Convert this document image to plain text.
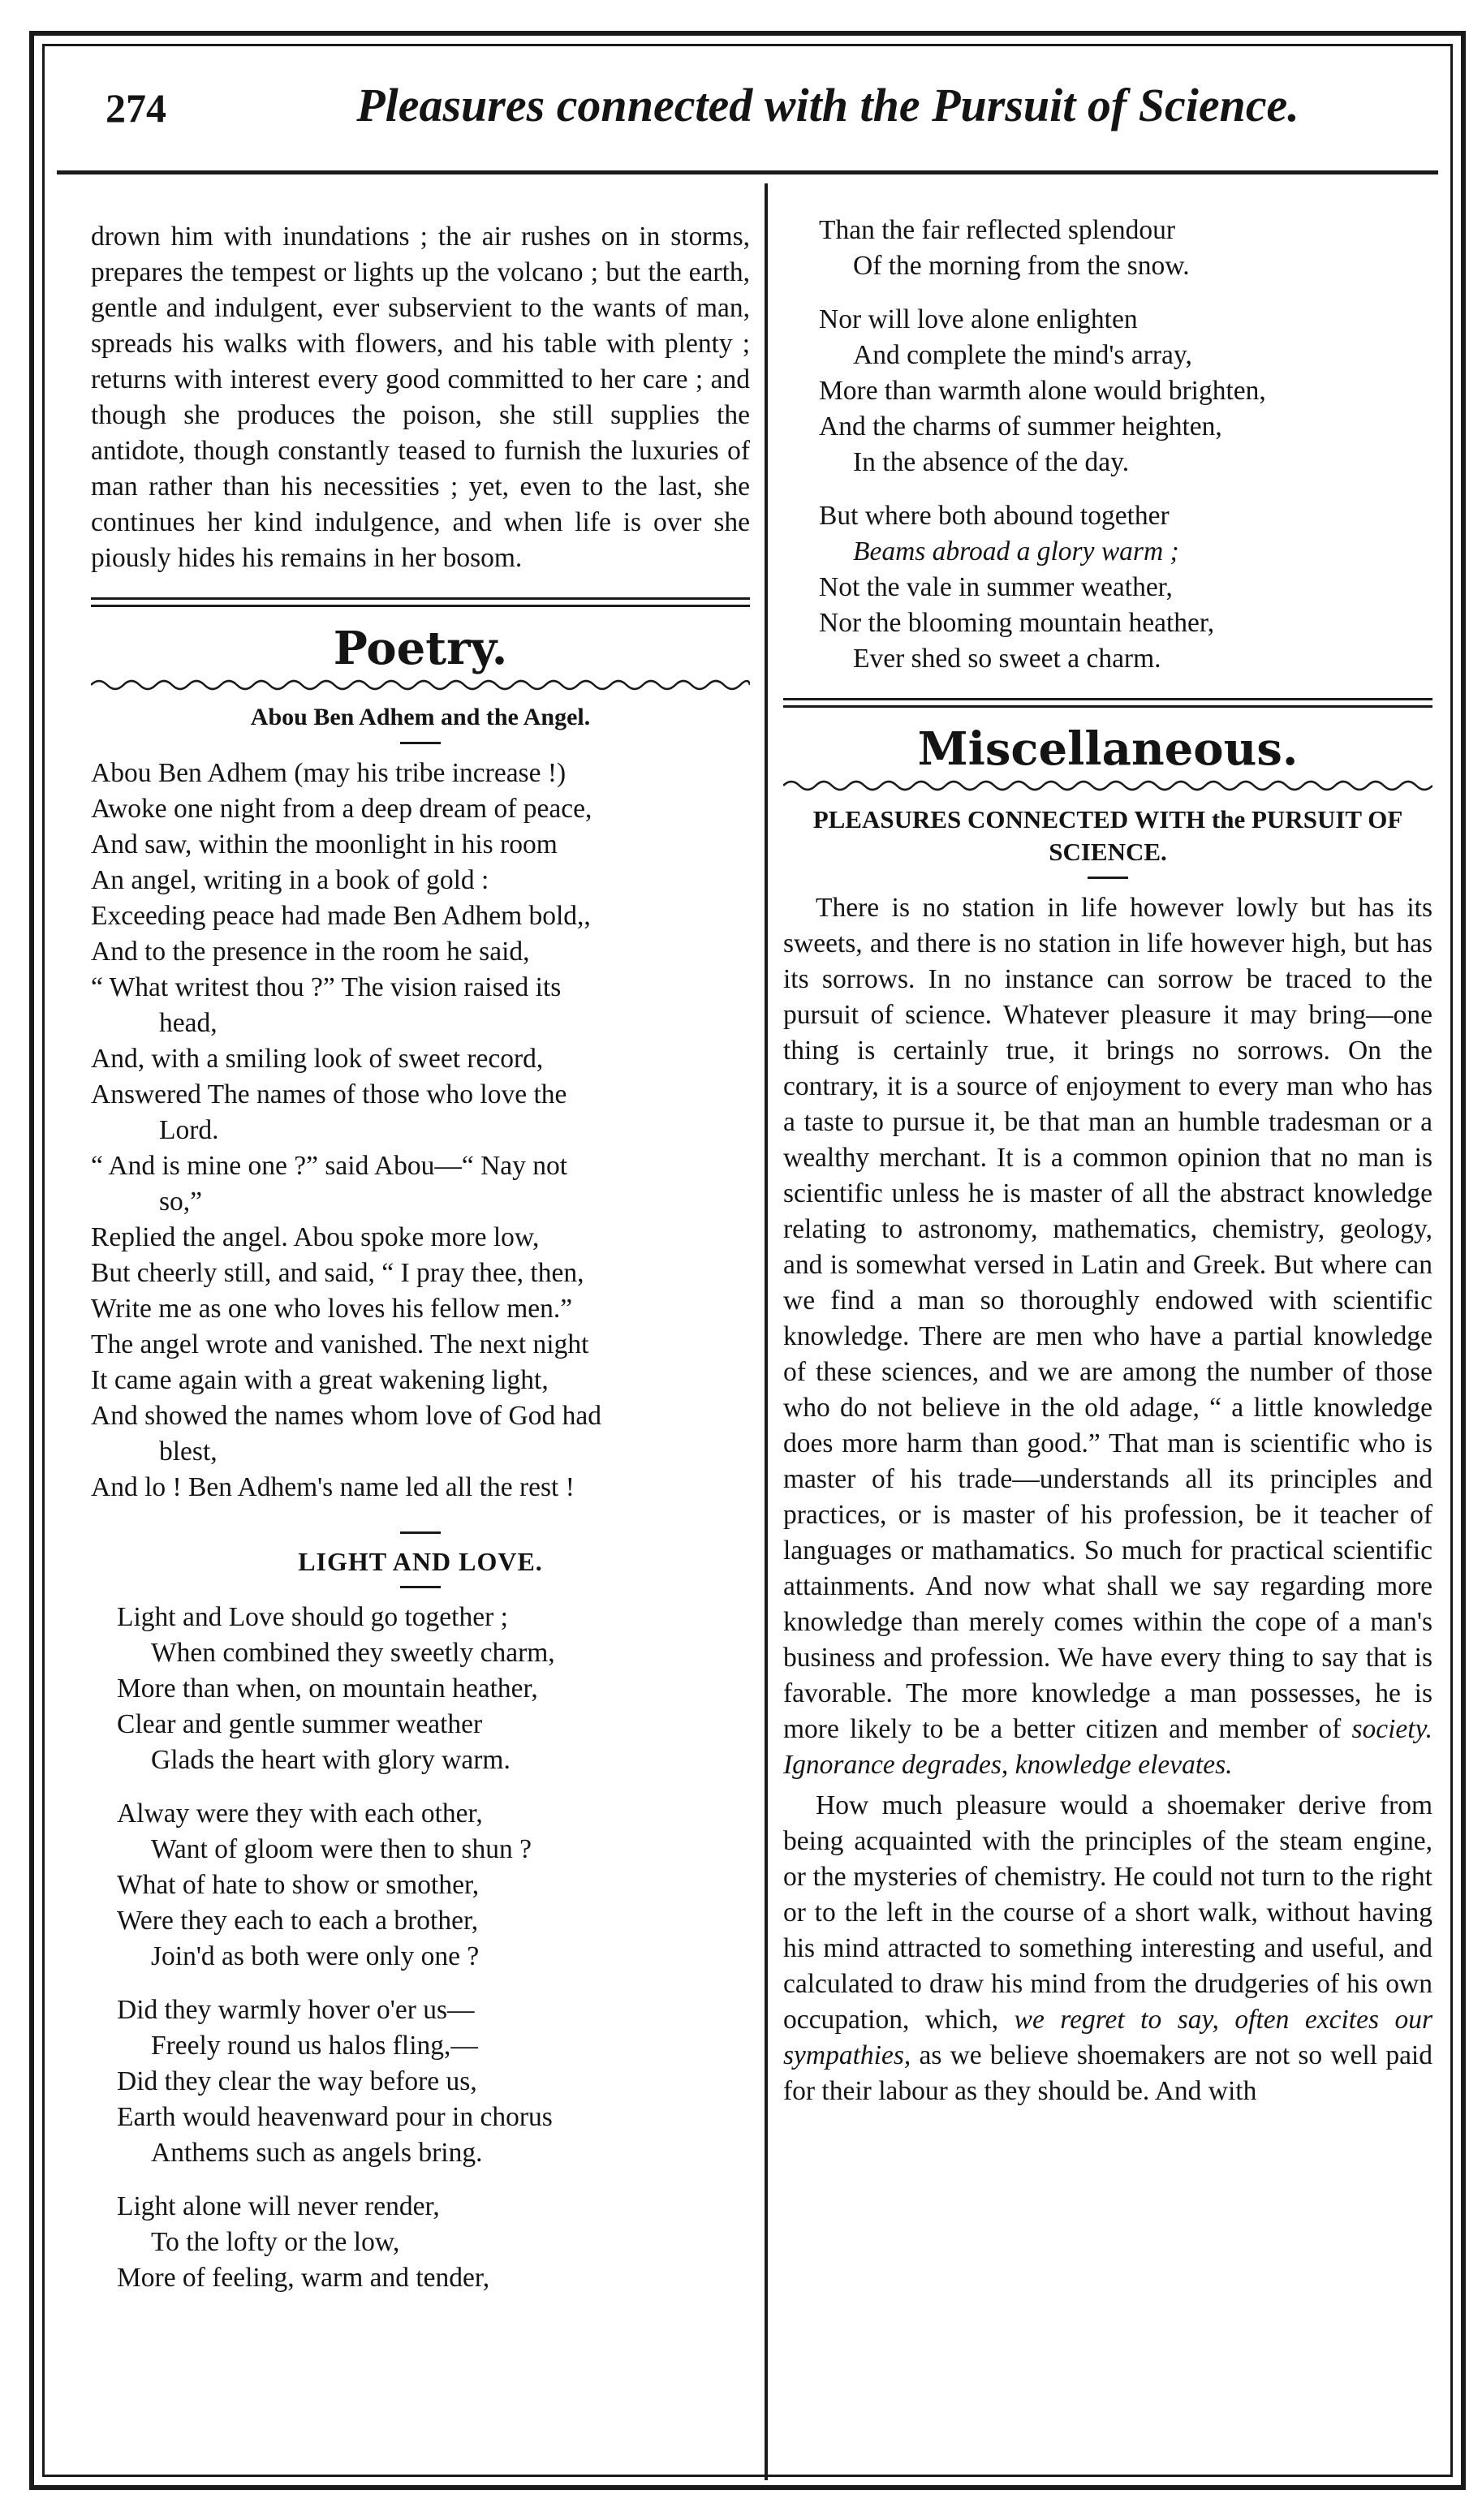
274	Pleasures connected with the Pursuit of Science.

drown him with inundations ; the air rushes on in storms, prepares the tempest or lights up the volcano ; but the earth, gentle and indulgent, ever subservient to the wants of man, spreads his walks with flowers, and his table with plenty ; returns with interest every good committed to her care ; and though she produces the poison, she still supplies the antidote, though constantly teased to furnish the luxuries of man rather than his necessities ; yet, even to the last, she continues her kind indulgence, and when life is over she piously hides his remains in her bosom.

Poetry.
Abou Ben Adhem and the Angel.
Abou Ben Adhem (may his tribe increase !)
Awoke one night from a deep dream of peace,
And saw, within the moonlight in his room
An angel, writing in a book of gold :
Exceeding peace had made Ben Adhem bold,,
And to the presence in the room he said,
“ What writest thou ?” The vision raised its
head,
And, with a smiling look of sweet record,
Answered The names of those who love the
Lord.
“ And is mine one ?” said Abou—“ Nay not
so,”
Replied the angel. Abou spoke more low,
But cheerly still, and said, “ I pray thee, then,
Write me as one who loves his fellow men.”
The angel wrote and vanished. The next night
It came again with a great wakening light,
And showed the names whom love of God had
blest,
And lo ! Ben Adhem's name led all the rest !
LIGHT AND LOVE.
Light and Love should go together ;
When combined they sweetly charm,
More than when, on mountain heather,
Clear and gentle summer weather
Glads the heart with glory warm.
Alway were they with each other,
Want of gloom were then to shun ?
What of hate to show or smother,
Were they each to each a brother,
Join'd as both were only one ?
Did they warmly hover o'er us—
Freely round us halos fling,—
Did they clear the way before us,
Earth would heavenward pour in chorus
Anthems such as angels bring.
Light alone will never render,
To the lofty or the low,
More of feeling, warm and tender,
Than the fair reflected splendour
Of the morning from the snow.
Nor will love alone enlighten
And complete the mind's array,
More than warmth alone would brighten,
And the charms of summer heighten,
In the absence of the day.
But where both abound together
Beams abroad a glory warm ;
Not the vale in summer weather,
Nor the blooming mountain heather,
Ever shed so sweet a charm.
Miscellaneous.
PLEASURES CONNECTED WITH the PURSUIT OF SCIENCE.

There is no station in life however lowly but has its sweets, and there is no station in life however high, but has its sorrows. In no instance can sorrow be traced to the pursuit of science. Whatever pleasure it may bring—one thing is certainly true, it brings no sorrows. On the contrary, it is a source of enjoyment to every man who has a taste to pursue it, be that man an humble tradesman or a wealthy merchant. It is a common opinion that no man is scientific unless he is master of all the abstract knowledge relating to astronomy, mathematics, chemistry, geology, and is somewhat versed in Latin and Greek. But where can we find a man so thoroughly endowed with scientific knowledge. There are men who have a partial knowledge of these sciences, and we are among the number of those who do not believe in the old adage, “ a little knowledge does more harm than good.” That man is scientific who is master of his trade—understands all its principles and practices, or is master of his profession, be it teacher of languages or mathamatics. So much for practical scientific attainments. And now what shall we say regarding more knowledge than merely comes within the cope of a man's business and profession. We have every thing to say that is favorable. The more knowledge a man possesses, he is more likely to be a better citizen and member of society. Ignorance degrades, knowledge elevates.

How much pleasure would a shoemaker derive from being acquainted with the principles of the steam engine, or the mysteries of chemistry. He could not turn to the right or to the left in the course of a short walk, without having his mind attracted to something interesting and useful, and calculated to draw his mind from the drudgeries of his own occupation, which, we regret to say, often excites our sympathies, as we believe shoemakers are not so well paid for their labour as they should be. And with
